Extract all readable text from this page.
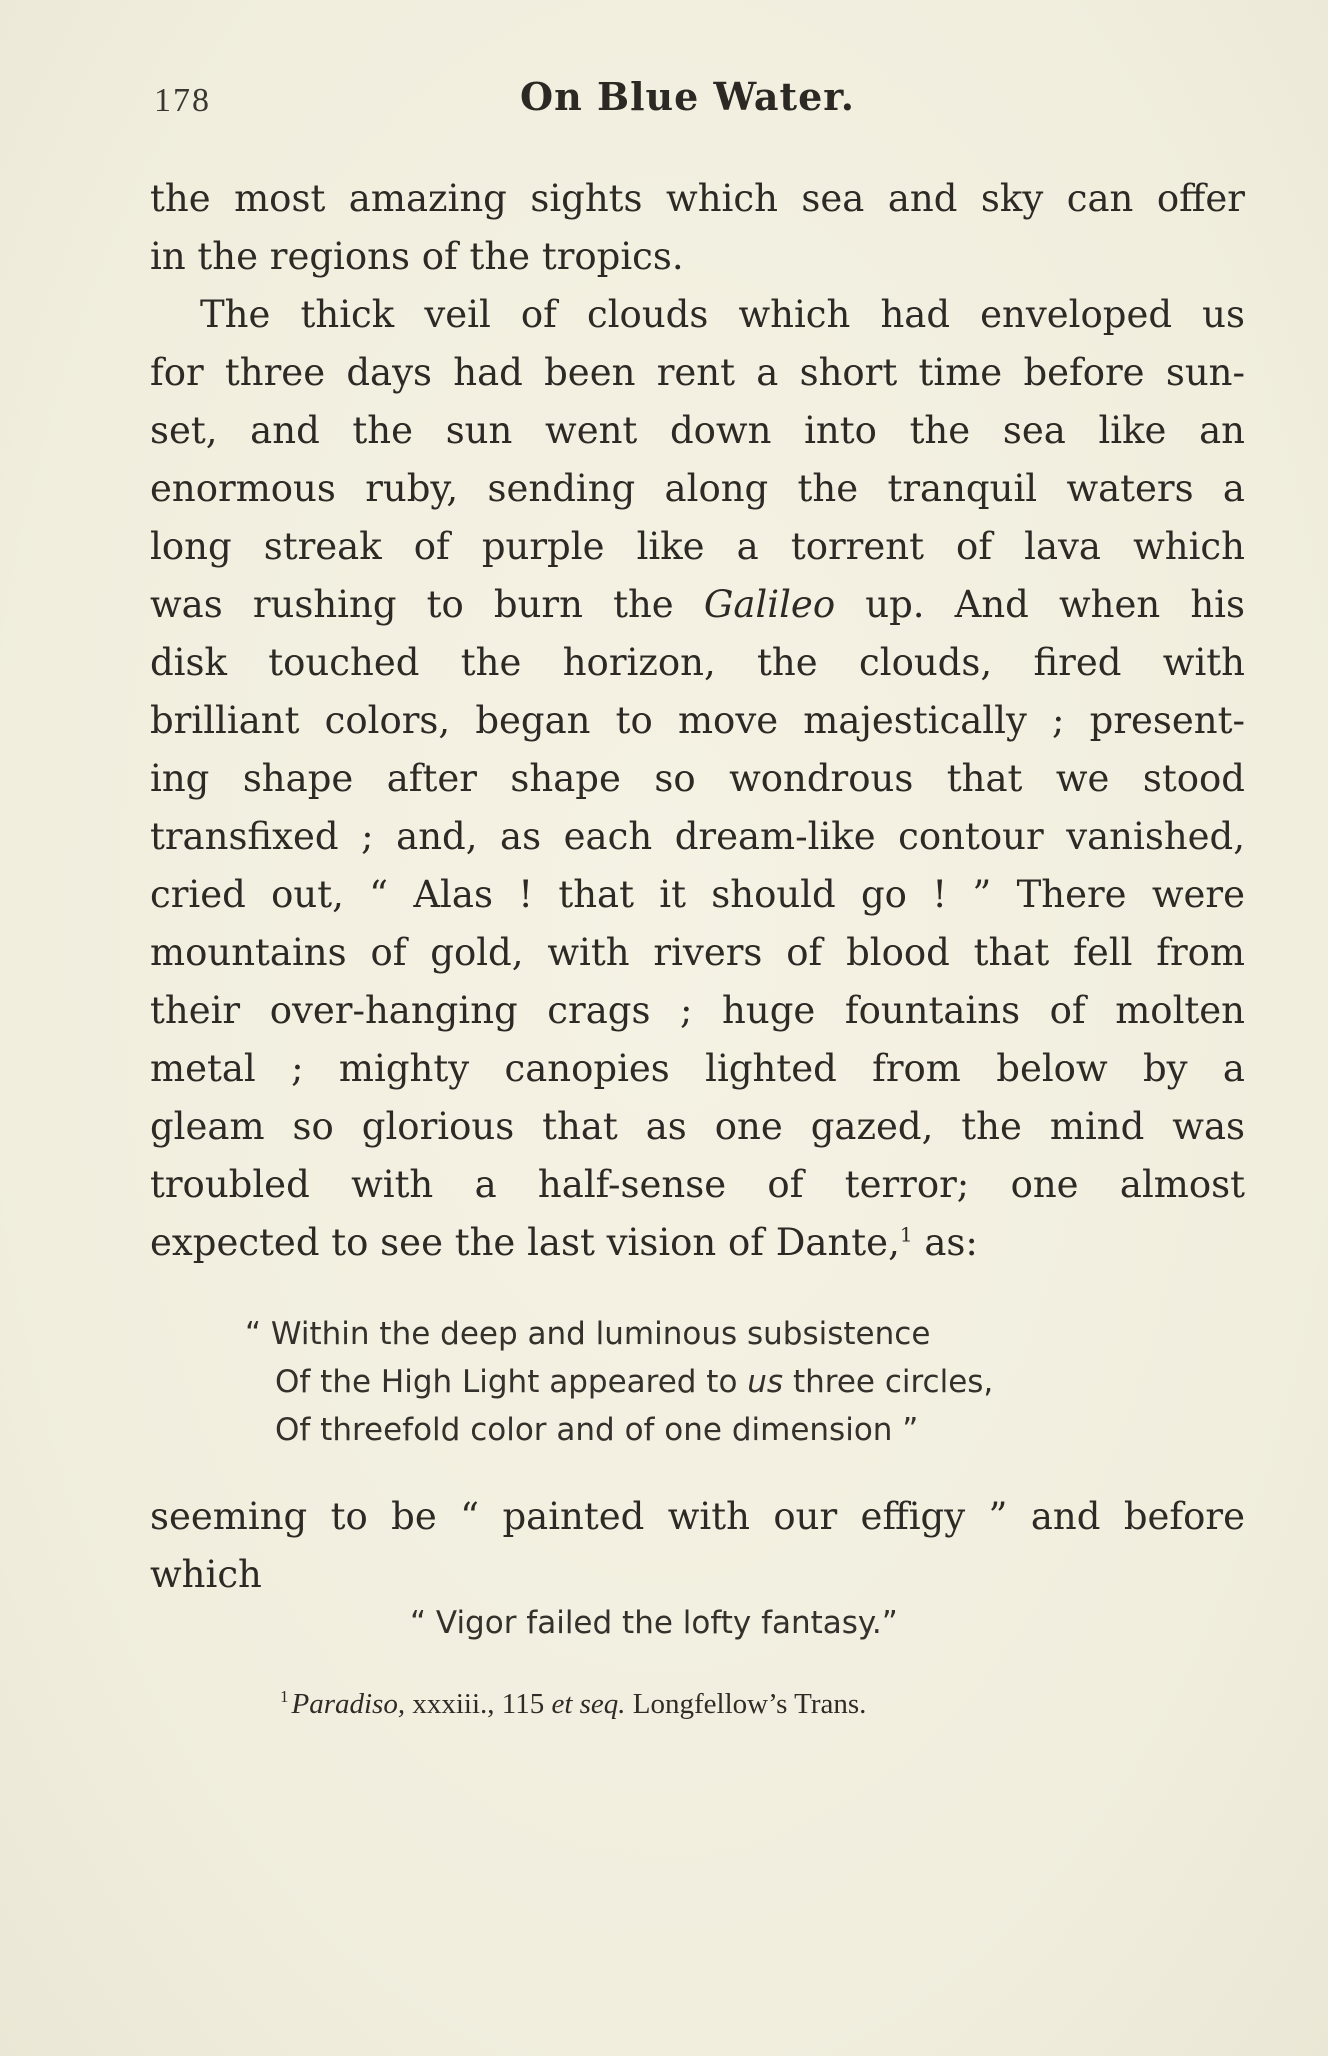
178	On Blue Water.
the most amazing sights which sea and sky can offer
in the regions of the tropics.
The thick veil of clouds which had enveloped us
for three days had been rent a short time before sun-
set, and the sun went down into the sea like an
enormous ruby, sending along the tranquil waters a
long streak of purple like a torrent of lava which
was rushing to burn the Galileo up. And when his
disk touched the horizon, the clouds, fired with
brilliant colors, began to move majestically ; present-
ing shape after shape so wondrous that we stood
transfixed ; and, as each dream-like contour vanished,
cried out, “ Alas ! that it should go ! ” There were
mountains of gold, with rivers of blood that fell from
their over-hanging crags ; huge fountains of molten
metal ; mighty canopies lighted from below by a
gleam so glorious that as one gazed, the mind was
troubled with a half-sense of terror; one almost
expected to see the last vision of Dante,$^1$ as:
“ Within the deep and luminous subsistence
Of the High Light appeared to us three circles,
Of threefold color and of one dimension ”
seeming to be “ painted with our effigy ” and before
which
“ Vigor failed the lofty fantasy.”
$^1$ Paradiso, xxxiii., 115 et seq. Longfellow’s Trans.
